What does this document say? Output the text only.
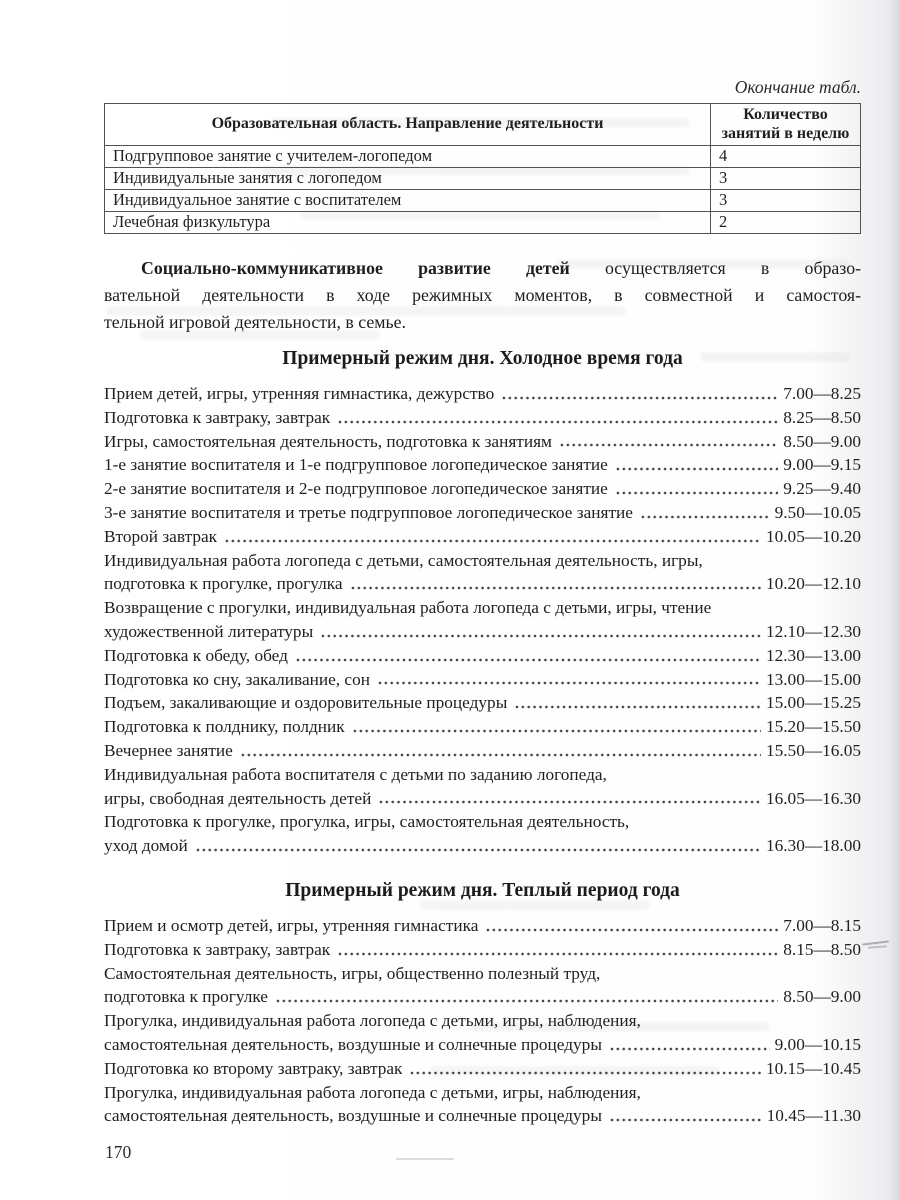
Окончание табл.
Образовательная область. Направление деятельности	Количество занятий в неделю
Подгрупповое занятие с учителем-логопедом	4
Индивидуальные занятия с логопедом	3
Индивидуальное занятие с воспитателем	3
Лечебная физкультура	2
Социально-коммуникативное развитие детей осуществляется в образо-
вательной деятельности в ходе режимных моментов, в совместной и самостоя-
тельной игровой деятельности, в семье.
Примерный режим дня. Холодное время года
Прием детей, игры, утренняя гимнастика, дежурство	7.00—8.25
Подготовка к завтраку, завтрак	8.25—8.50
Игры, самостоятельная деятельность, подготовка к занятиям	8.50—9.00
1-е занятие воспитателя и 1-е подгрупповое логопедическое занятие	9.00—9.15
2-е занятие воспитателя и 2-е подгрупповое логопедическое занятие	9.25—9.40
3-е занятие воспитателя и третье подгрупповое логопедическое занятие	9.50—10.05
Второй завтрак	10.05—10.20
Индивидуальная работа логопеда с детьми, самостоятельная деятельность, игры,
подготовка к прогулке, прогулка	10.20—12.10
Возвращение с прогулки, индивидуальная работа логопеда с детьми, игры, чтение
художественной литературы	12.10—12.30
Подготовка к обеду, обед	12.30—13.00
Подготовка ко сну, закаливание, сон	13.00—15.00
Подъем, закаливающие и оздоровительные процедуры	15.00—15.25
Подготовка к полднику, полдник	15.20—15.50
Вечернее занятие	15.50—16.05
Индивидуальная работа воспитателя с детьми по заданию логопеда,
игры, свободная деятельность детей	16.05—16.30
Подготовка к прогулке, прогулка, игры, самостоятельная деятельность,
уход домой	16.30—18.00
Примерный режим дня. Теплый период года
Прием и осмотр детей, игры, утренняя гимнастика	7.00—8.15
Подготовка к завтраку, завтрак	8.15—8.50
Самостоятельная деятельность, игры, общественно полезный труд,
подготовка к прогулке	8.50—9.00
Прогулка, индивидуальная работа логопеда с детьми, игры, наблюдения,
самостоятельная деятельность, воздушные и солнечные процедуры	9.00—10.15
Подготовка ко второму завтраку, завтрак	10.15—10.45
Прогулка, индивидуальная работа логопеда с детьми, игры, наблюдения,
самостоятельная деятельность, воздушные и солнечные процедуры	10.45—11.30
170
